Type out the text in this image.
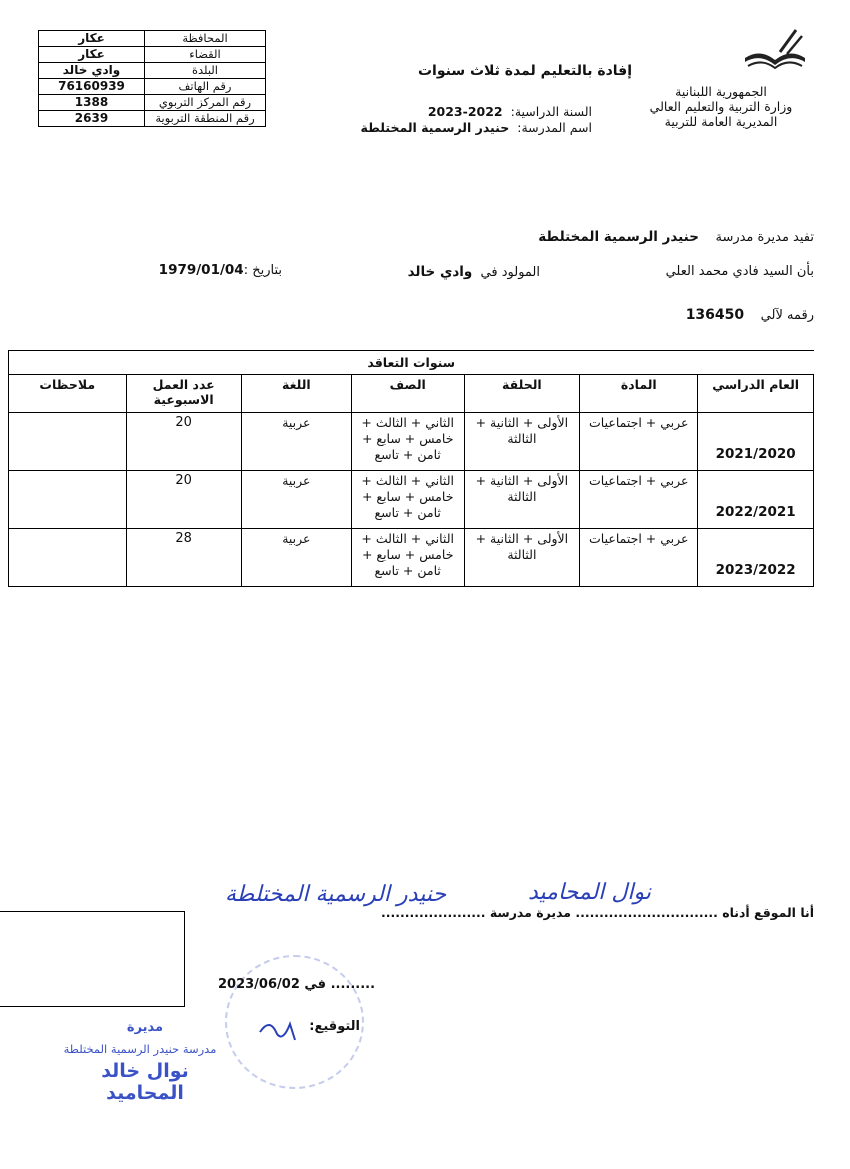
المحافظة	عكار
القضاء	عكار
البلدة	وادي خالد
رقم الهاتف	76160939
رقم المركز التربوي	1388
رقم المنطقة التربوية	2639
الجمهورية اللبنانية
وزارة التربية والتعليم العالي
المديرية العامة للتربية
إفادة بالتعليم لمدة ثلاث سنوات
السنة الدراسية:2022-2023
اسم المدرسة:حنيدر الرسمية المختلطة
تفيد مديرة مدرسة    حنيدر الرسمية المختلطة
بأن السيد فادي محمد العلي
المولود في  وادي خالد
بتاريخ :1979/01/04
رقمه لآلي    136450
سنوات التعاقد						
العام الدراسي	المادة	الحلقة	الصف	اللغة	عدد العمل الاسبوعية	ملاحظات
2021/2020	عربي + اجتماعيات	الأولى + الثانية + الثالثة	الثاني + الثالث + خامس + سابع + ثامن + تاسع	عربية	20	
2022/2021	عربي + اجتماعيات	الأولى + الثانية + الثالثة	الثاني + الثالث + خامس + سابع + ثامن + تاسع	عربية	20	
2023/2022	عربي + اجتماعيات	الأولى + الثانية + الثالثة	الثاني + الثالث + خامس + سابع + ثامن + تاسع	عربية	28	
أنا الموقع أدناه .............................. مديرة مدرسة ......................
نوال المحاميد
حنيدر الرسمية المختلطة
......... في 2023/06/02
التوقيع:
مديرة
مدرسة حنيدر الرسمية المختلطة
نوال خالد المحاميد
